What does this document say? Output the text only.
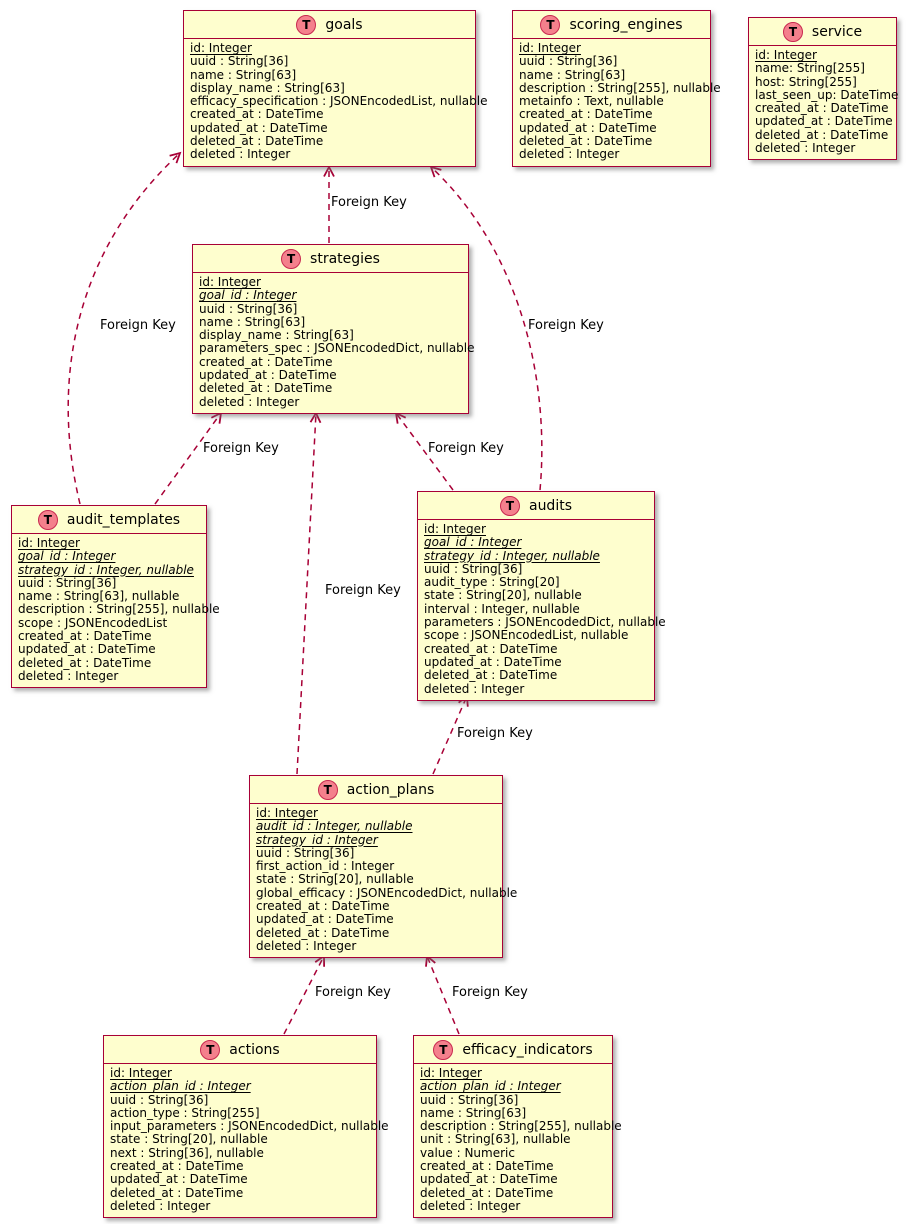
T	goals
id: Integer
uuid : String[36]
name : String[63]
display_name : String[63]
efficacy_specification : JSONEncodedList, nullable
created_at : DateTime
updated_at : DateTime
deleted_at : DateTime
deleted : Integer
T	scoring_engines
id: Integer
uuid : String[36]
name : String[63]
description : String[255], nullable
metainfo : Text, nullable
created_at : DateTime
updated_at : DateTime
deleted_at : DateTime
deleted : Integer
T	service
id: Integer
name: String[255]
host: String[255]
last_seen_up: DateTime
created_at : DateTime
updated_at : DateTime
deleted_at : DateTime
deleted : Integer
T	strategies
id: Integer
goal_id : Integer
uuid : String[36]
name : String[63]
display_name : String[63]
parameters_spec : JSONEncodedDict, nullable
created_at : DateTime
updated_at : DateTime
deleted_at : DateTime
deleted : Integer
T	audit_templates
id: Integer
goal_id : Integer
strategy_id : Integer, nullable
uuid : String[36]
name : String[63], nullable
description : String[255], nullable
scope : JSONEncodedList
created_at : DateTime
updated_at : DateTime
deleted_at : DateTime
deleted : Integer
T	audits
id: Integer
goal_id : Integer
strategy_id : Integer, nullable
uuid : String[36]
audit_type : String[20]
state : String[20], nullable
interval : Integer, nullable
parameters : JSONEncodedDict, nullable
scope : JSONEncodedList, nullable
created_at : DateTime
updated_at : DateTime
deleted_at : DateTime
deleted : Integer
T	action_plans
id: Integer
audit_id : Integer, nullable
strategy_id : Integer
uuid : String[36]
first_action_id : Integer
state : String[20], nullable
global_efficacy : JSONEncodedDict, nullable
created_at : DateTime
updated_at : DateTime
deleted_at : DateTime
deleted : Integer
T	actions
id: Integer
action_plan_id : Integer
uuid : String[36]
action_type : String[255]
input_parameters : JSONEncodedDict, nullable
state : String[20], nullable
next : String[36], nullable
created_at : DateTime
updated_at : DateTime
deleted_at : DateTime
deleted : Integer
T	efficacy_indicators
id: Integer
action_plan_id : Integer
uuid : String[36]
name : String[63]
description : String[255], nullable
unit : String[63], nullable
value : Numeric
created_at : DateTime
updated_at : DateTime
deleted_at : DateTime
deleted : Integer
Foreign Key
Foreign Key	Foreign Key
Foreign Key	Foreign Key
Foreign Key
Foreign Key
Foreign Key	Foreign Key
